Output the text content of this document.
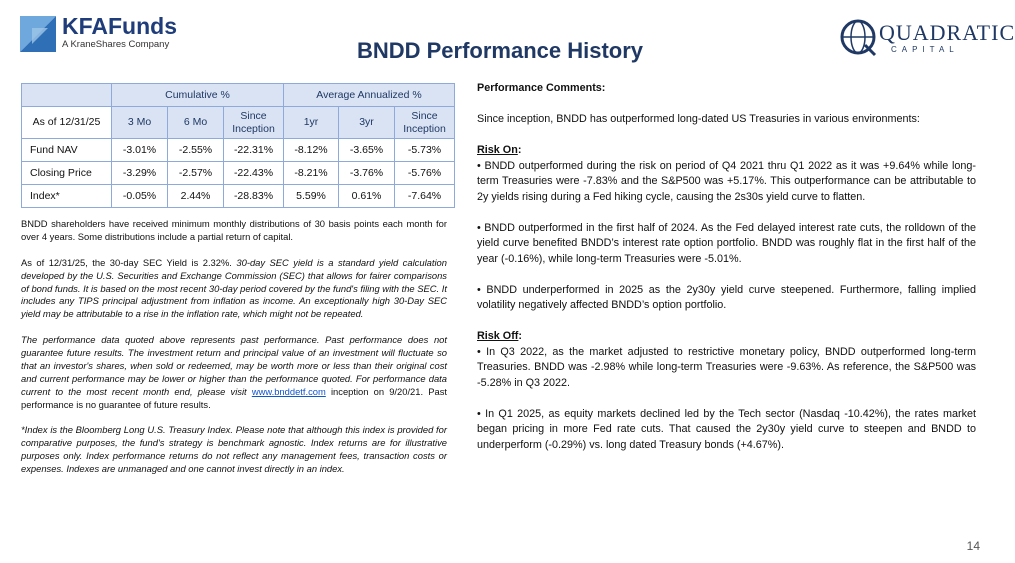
KFAFunds
A KraneShares Company	BNDD Performance History
QUADRATIC
CAPITAL
	Cumulative %			Average Annualized %		
As of 12/31/25	3 Mo	6 Mo	Since Inception	1yr	3yr	Since Inception
Fund NAV	-3.01%	-2.55%	-22.31%	-8.12%	-3.65%	-5.73%
Closing Price	-3.29%	-2.57%	-22.43%	-8.21%	-3.76%	-5.76%
Index*	-0.05%	2.44%	-28.83%	5.59%	0.61%	-7.64%

BNDD shareholders have received minimum monthly distributions of 30 basis points each month for over 4 years. Some distributions include a partial return of capital.

As of 12/31/25, the 30-day SEC Yield is 2.32%. 30-day SEC yield is a standard yield calculation developed by the U.S. Securities and Exchange Commission (SEC) that allows for fairer comparisons of bond funds. It is based on the most recent 30-day period covered by the fund's filing with the SEC. It includes any TIPS principal adjustment from inflation as income. An exceptionally high 30-Day SEC yield may be attributable to a rise in the inflation rate, which might not be repeated.

The performance data quoted above represents past performance. Past performance does not guarantee future results. The investment return and principal value of an investment will fluctuate so that an investor's shares, when sold or redeemed, may be worth more or less than their original cost and current performance may be lower or higher than the performance quoted. For performance data current to the most recent month end, please visit www.bnddetf.com inception on 9/20/21. Past performance is no guarantee of future results.

*Index is the Bloomberg Long U.S. Treasury Index. Please note that although this index is provided for comparative purposes, the fund's strategy is benchmark agnostic. Index returns are for illustrative purposes only. Index performance returns do not reflect any management fees, transaction costs or expenses. Indexes are unmanaged and one cannot invest directly in an index.

Performance Comments:

Since inception, BNDD has outperformed long-dated US Treasuries in various environments:

Risk On:

• BNDD outperformed during the risk on period of Q4 2021 thru Q1 2022 as it was +9.64% while long-term Treasuries were -7.83% and the S&P500 was +5.17%. This outperformance can be attributable to 2y yields rising during a Fed hiking cycle, causing the 2s30s yield curve to flatten.

• BNDD outperformed in the first half of 2024. As the Fed delayed interest rate cuts, the rolldown of the yield curve benefited BNDD’s interest rate option portfolio. BNDD was roughly flat in the first half of the year (-0.16%), while long-term Treasuries were -5.01%.

• BNDD underperformed in 2025 as the 2y30y yield curve steepened. Furthermore, falling implied volatility negatively affected BNDD’s option portfolio.

Risk Off:

• In Q3 2022, as the market adjusted to restrictive monetary policy, BNDD outperformed long-term Treasuries. BNDD was -2.98% while long-term Treasuries were -9.63%. As reference, the S&P500 was -5.28% in Q3 2022.

• In Q1 2025, as equity markets declined led by the Tech sector (Nasdaq -10.42%), the rates market began pricing in more Fed rate cuts. That caused the 2y30y yield curve to steepen and BNDD to underperform (-0.29%) vs. long dated Treasury bonds (+4.67%).

14
